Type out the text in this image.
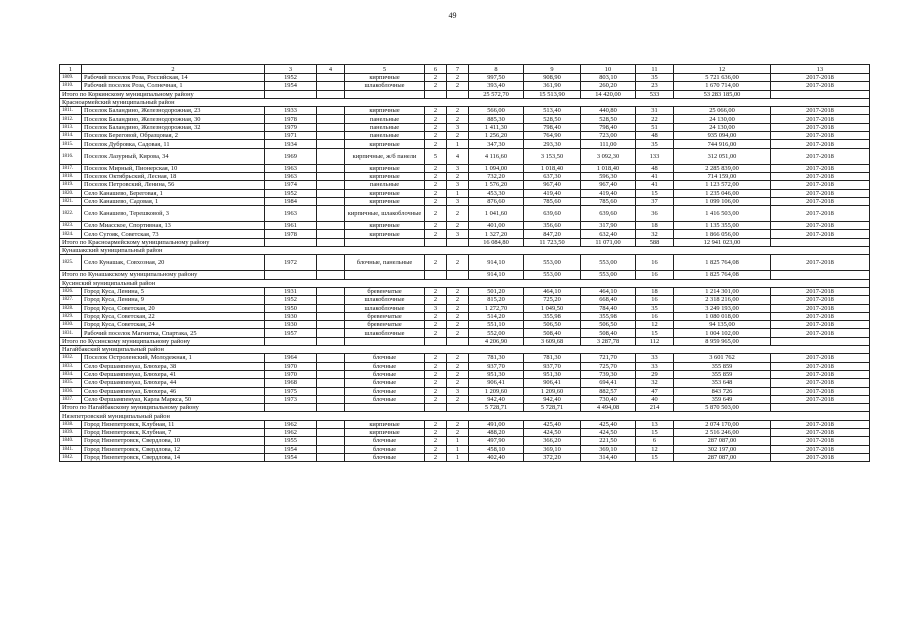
49
1	2	3	4	5	6	7	8	9	10	11	12	13
1809.	Рабочий поселок Роза, Российская, 14	1952		кирпичные	2	2	997,50	908,90	803,10	35	5 721 636,00	2017-2018
1810.	Рабочий поселок Роза, Солнечная, 1	1954		шлакоблочные	2	2	393,40	361,90	260,20	23	1 670 714,00	2017-2018
Итого по Коркинскому муниципальному району							25 572,70	15 513,90	14 420,00	533	53 283 185,00	
Красноармейский муниципальный район												
1811.	Поселок Баландино, Железнодорожная, 23	1933		кирпичные	2	2	566,00	513,40	440,80	31	25 066,00	2017-2018
1812.	Поселок Баландино, Железнодорожная, 30	1978		панельные	2	2	885,30	528,50	528,50	22	24 130,00	2017-2018
1813.	Поселок Баландино, Железнодорожная, 32	1979		панельные	2	3	1 411,30	798,40	798,40	51	24 130,00	2017-2018
1814.	Поселок Береговой, Образцовая, 2	1971		панельные	2	2	1 256,20	764,90	723,00	48	935 094,00	2017-2018
1815.	Поселок Дубровка, Садовая, 11	1934		кирпичные	2	1	347,30	293,30	111,00	35	744 916,00	2017-2018
1816.	Поселок Лазурный, Кирова, 34	1969		кирпичные, ж/б панели	5	4	4 116,60	3 153,50	3 092,30	133	312 051,00	2017-2018
1817.	Поселок Мирный, Пионерская, 10	1963		кирпичные	2	3	1 094,00	1 018,40	1 018,40	48	2 285 839,00	2017-2018
1818.	Поселок Октябрьский, Лесная, 18	1963		кирпичные	2	2	732,20	637,30	596,30	41	714 159,00	2017-2018
1819.	Поселок Петровский, Ленина, 56	1974		панельные	2	3	1 576,20	967,40	967,40	41	1 123 572,00	2017-2018
1820.	Село Канашево, Береговая, 1	1952		кирпичные	2	1	453,30	419,40	419,40	15	1 235 046,00	2017-2018
1821.	Село Канашево, Садовая, 1	1984		кирпичные	2	3	876,60	785,60	785,60	37	1 099 106,00	2017-2018
1822.	Село Канашево, Терешковой, 3	1963		кирпичные, шлакоблочные	2	2	1 041,60	639,60	639,60	36	1 416 503,00	2017-2018
1823.	Село Миасское, Спортивная, 13	1961		кирпичные	2	2	401,00	356,60	317,90	18	1 135 355,00	2017-2018
1824.	Село Сугояк, Советская, 73	1978		кирпичные	2	3	1 327,20	847,20	632,40	32	1 866 056,00	2017-2018
Итого по Красноармейскому муниципальному району							16 084,80	11 723,50	11 071,00	588	12 941 023,00	
Кунашакский муниципальный район												
1825.	Село Кунашак, Совхозная, 20	1972		блочные, панельные	2	2	914,10	553,00	553,00	16	1 825 764,08	2017-2018
Итого по Кунашакскому муниципальному району							914,10	553,00	553,00	16	1 825 764,08	
Кусинский муниципальный район												
1826.	Город Куса, Ленина, 5	1931		бревенчатые	2	2	501,20	464,10	464,10	18	1 214 301,00	2017-2018
1827.	Город Куса, Ленина, 9	1952		шлакоблочные	2	2	815,20	725,20	668,40	16	2 318 216,00	2017-2018
1828.	Город Куса, Советская, 20	1950		шлакоблочные	3	2	1 272,70	1 049,50	784,40	35	3 249 193,00	2017-2018
1829.	Город Куса, Советская, 22	1930		бревенчатые	2	2	514,20	355,98	355,98	16	1 080 018,00	2017-2018
1830.	Город Куса, Советская, 24	1930		бревенчатые	2	2	551,10	506,50	506,50	12	94 135,00	2017-2018
1831.	Рабочий поселок Магнитка, Спартака, 25	1957		шлакоблочные	2	2	552,00	508,40	508,40	15	1 004 102,00	2017-2018
Итого по Кусинскому муниципальному району							4 206,90	3 609,68	3 287,78	112	8 959 965,00	
Нагайбакский муниципальный район												
1832.	Поселок Остроленский, Молодежная, 1	1964		блочные	2	2	781,30	781,30	721,70	33	3 601 762	2017-2018
1833.	Село Фершампенуаз, Блюхера, 38	1970		блочные	2	2	937,70	937,70	725,70	33	355 859	2017-2018
1834.	Село Фершампенуаз, Блюхера, 41	1970		блочные	2	2	951,30	951,30	739,30	29	355 859	2017-2018
1835.	Село Фершампенуаз, Блюхера, 44	1968		блочные	2	2	906,41	906,41	694,41	32	353 648	2017-2018
1836.	Село Фершампенуаз, Блюхера, 46	1975		блочные	2	3	1 209,60	1 209,60	882,57	47	843 726	2017-2018
1837.	Село Фершампенуаз, Карла Маркса, 50	1973		блочные	2	2	942,40	942,40	730,40	40	359 649	2017-2018
Итого по Нагайбакскому муниципальному району							5 728,71	5 728,71	4 494,08	214	5 870 503,00	
Нязепетровский муниципальный район												
1838.	Город Нязепетровск, Клубная, 11	1962		кирпичные	2	2	491,00	425,40	425,40	13	2 074 170,00	2017-2018
1839.	Город Нязепетровск, Клубная, 7	1962		кирпичные	2	2	488,20	424,50	424,50	15	2 516 246,00	2017-2018
1840.	Город Нязепетровск, Свердлова, 10	1955		блочные	2	1	497,90	366,20	221,50	6	287 087,00	2017-2018
1841.	Город Нязепетровск, Свердлова, 12	1954		блочные	2	1	458,10	369,10	369,10	12	302 197,00	2017-2018
1842.	Город Нязепетровск, Свердлова, 14	1954		блочные	2	1	402,40	372,20	314,40	15	287 087,00	2017-2018
